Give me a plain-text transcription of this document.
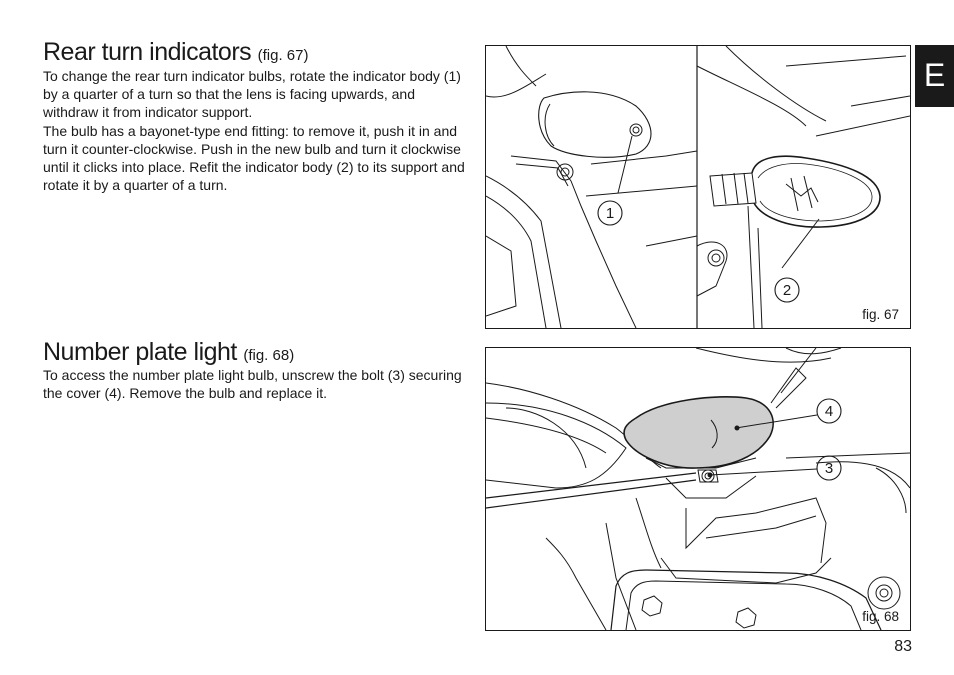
Rear turn indicators (fig. 67)

To change the rear turn indicator bulbs, rotate the indicator body (1) by a quarter of a turn so that the lens is facing upwards, and withdraw it from indicator support.

The bulb has a bayonet-type end fitting: to remove it, push it in and turn it counter-clockwise. Push in the new bulb and turn it clockwise until it clicks into place. Refit the indicator body (2) to its support and rotate it by a quarter of a turn.

Number plate light (fig. 68)

To access the number plate light bulb, unscrew the bolt (3) securing the cover (4). Remove the bulb and replace it.

1
2
fig. 67
4
3
fig. 68
E
83
